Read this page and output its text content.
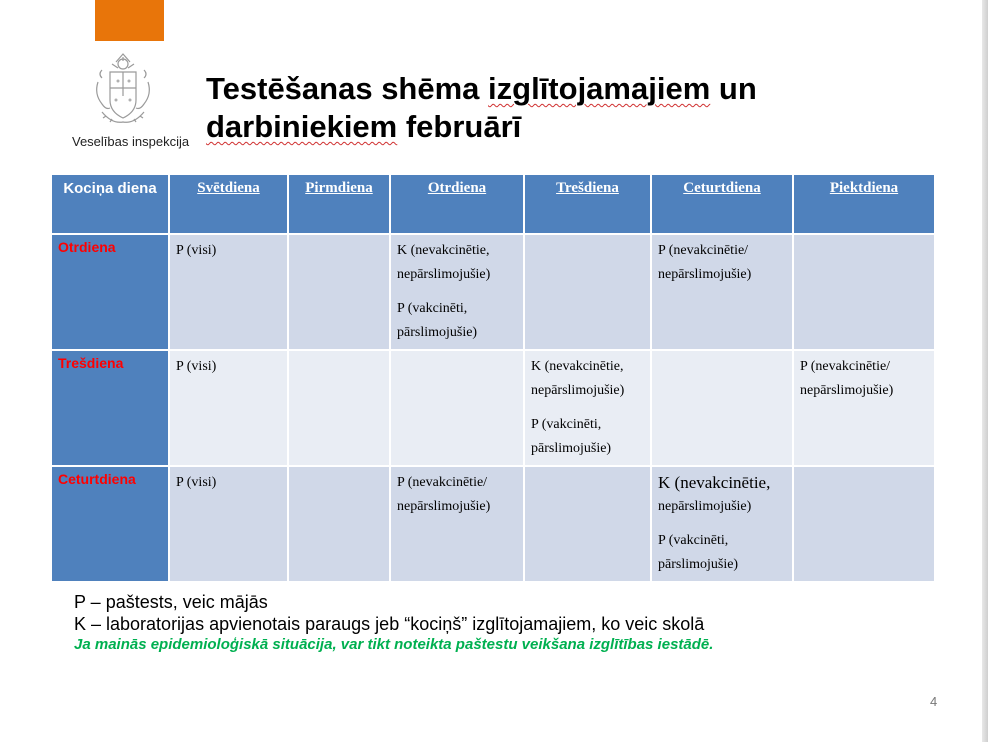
Veselības inspekcija
Testēšanas shēma izglītojamajiem un
darbiniekiem februārī
Kociņa diena	Svētdiena	Pirmdiena	Otrdiena	Trešdiena	Ceturtdiena	Piektdiena
Otrdiena	P (visi)		K (nevakcinētie,
nepārslimojušie)
P (vakcinēti,
pārslimojušie)		P (nevakcinētie/
nepārslimojušie)	

Trešdiena	P (visi)			K (nevakcinētie,
nepārslimojušie)
P (vakcinēti,
pārslimojušie)		P (nevakcinētie/
nepārslimojušie)

Ceturtdiena	P (visi)		P (nevakcinētie/
nepārslimojušie)		K (nevakcinētie,
nepārslimojušie)
P (vakcinēti,
pārslimojušie)	

P – paštests, veic mājās
K – laboratorijas apvienotais paraugs jeb “kociņš” izglītojamajiem, ko veic skolā
Ja mainās epidemioloģiskā situācija, var tikt noteikta paštestu veikšana izglītības iestādē.
4
